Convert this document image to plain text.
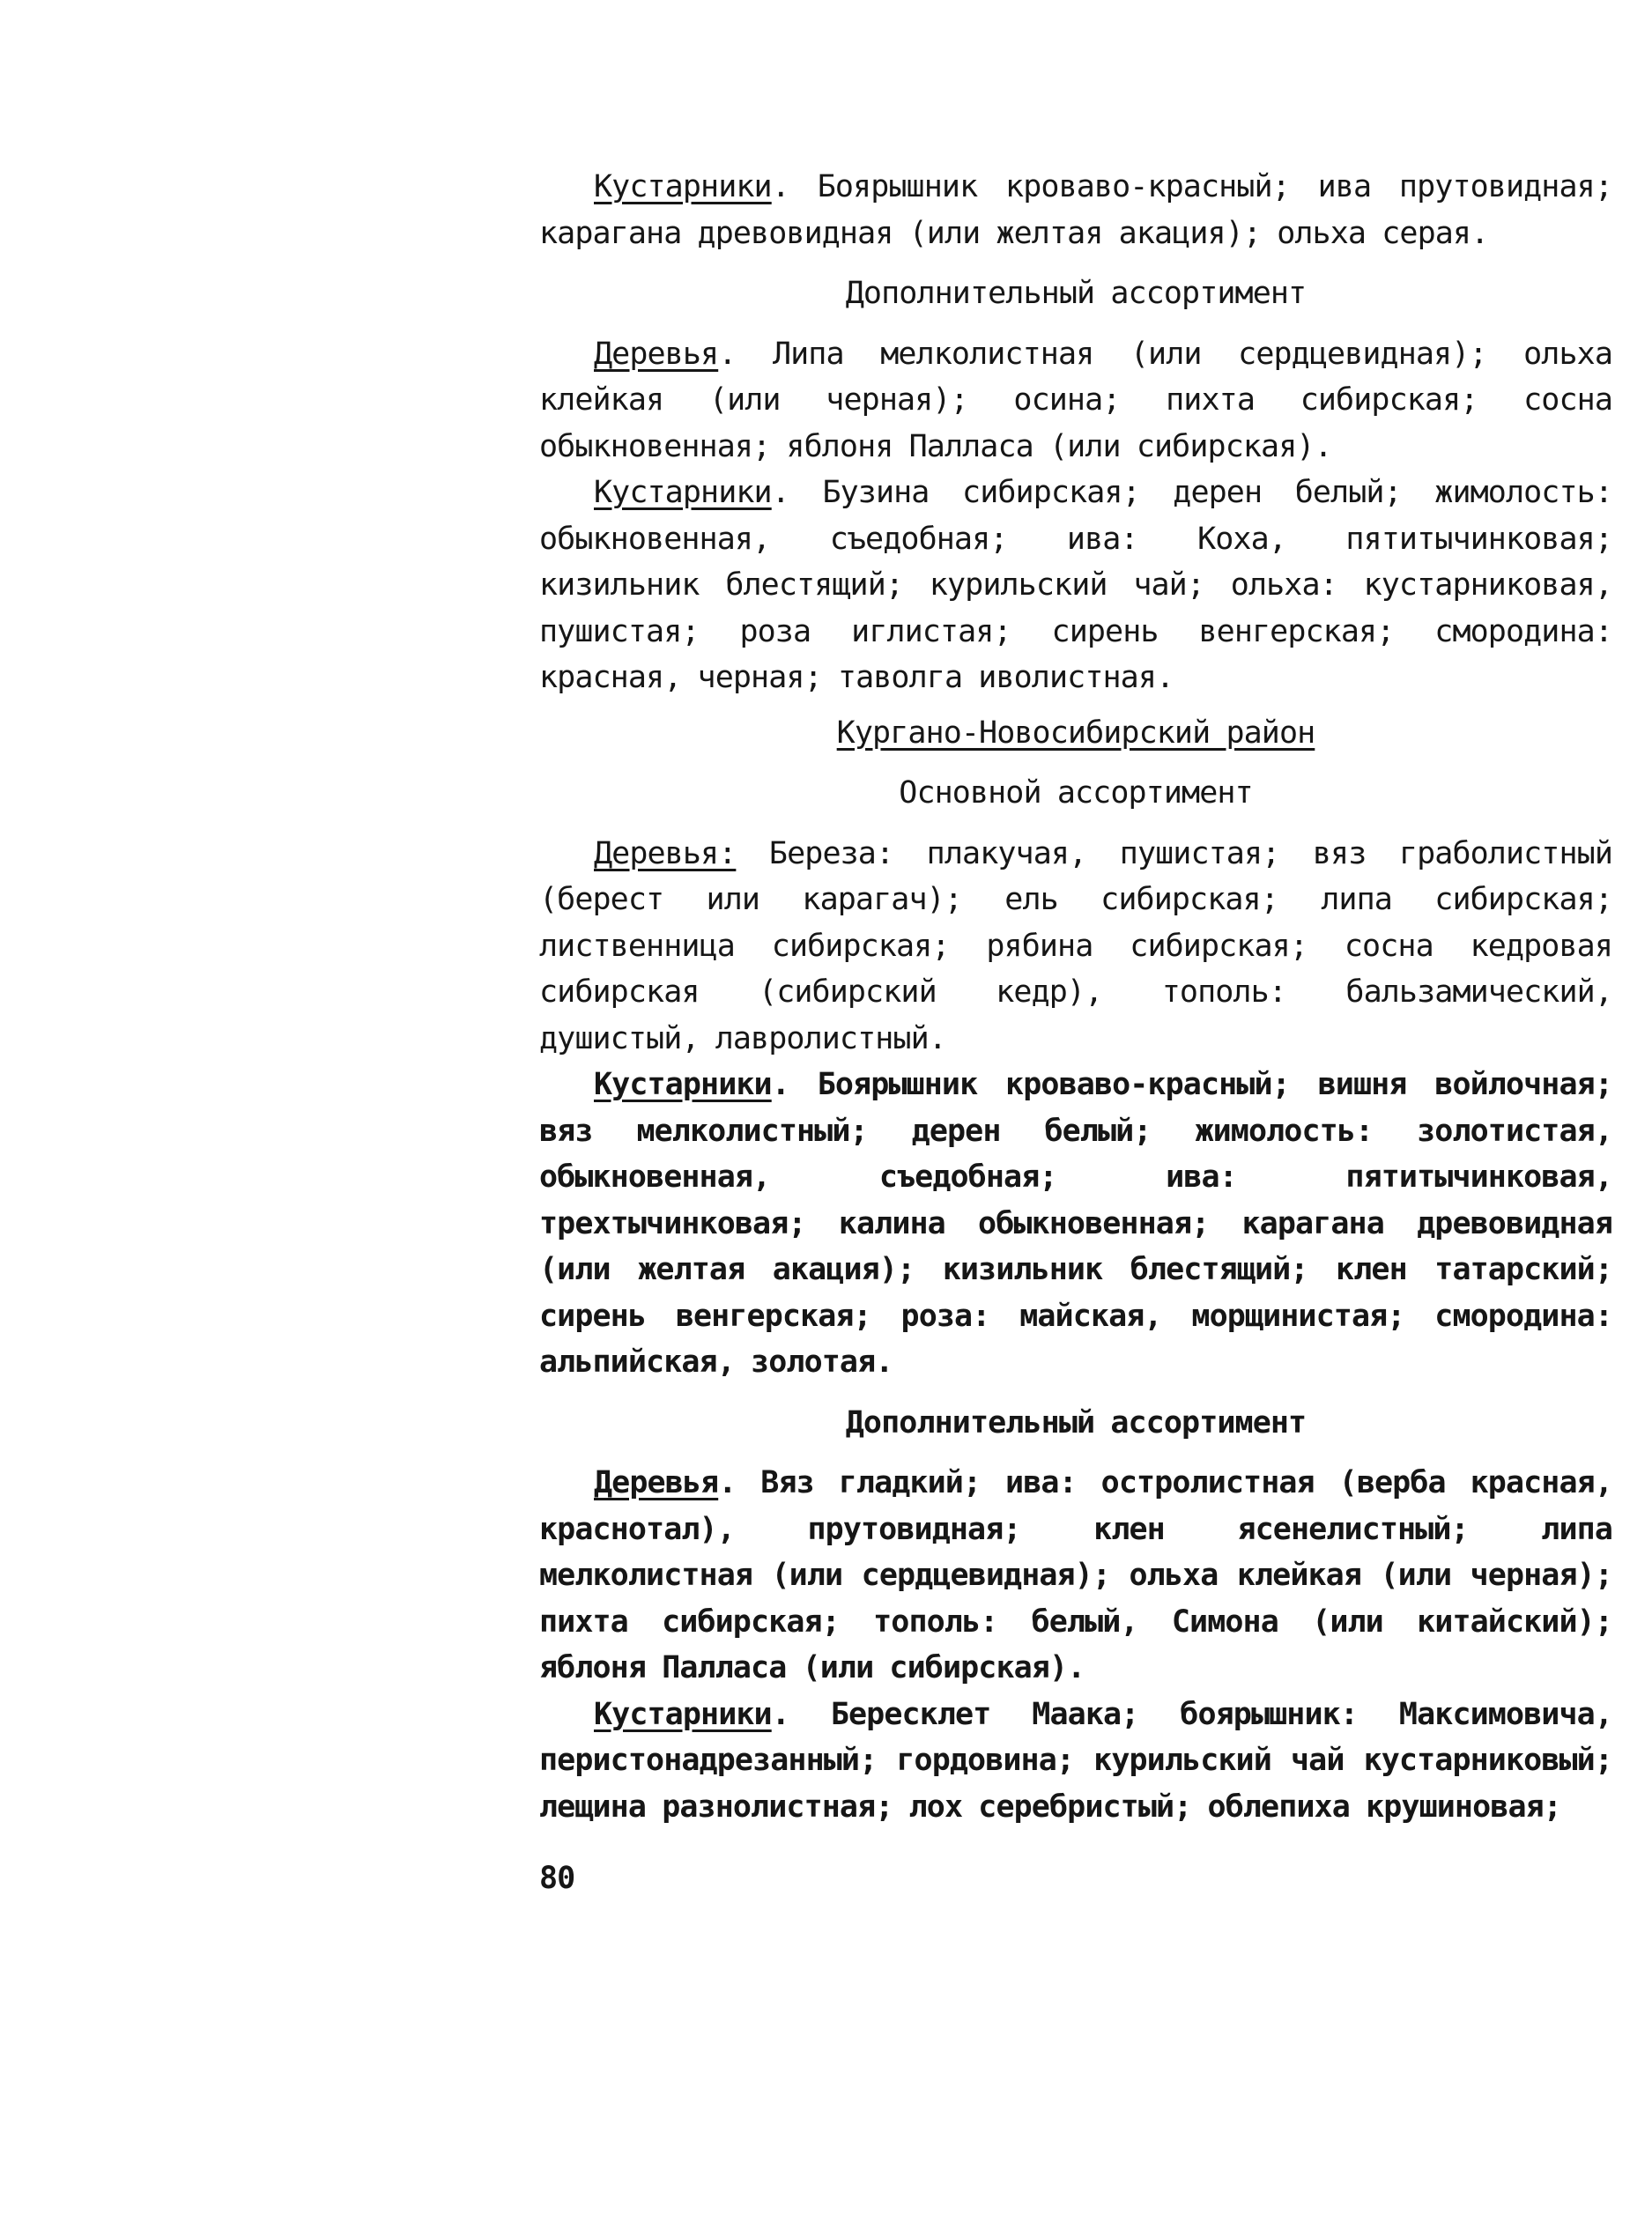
Кустарники. Боярышник кроваво-красный; ива прутовидная; карагана древовидная (или желтая акация); ольха серая.

Дополнительный ассортимент

Деревья. Липа мелколистная (или сердцевидная); ольха клейкая (или черная); осина; пихта сибирская; сосна обыкновенная; яблоня Палласа (или сибирская).

Кустарники. Бузина сибирская; дерен белый; жимолость: обыкновенная, съедобная; ива: Коха, пятитычинковая; кизильник блестящий; курильский чай; ольха: кустарниковая, пушистая; роза иглистая; сирень венгерская; смородина: красная, черная; таволга иволистная.

Кургано-Новосибирский район

Основной ассортимент

Деревья: Береза: плакучая, пушистая; вяз граболистный (берест или карагач); ель сибирская; липа сибирская; лиственница сибирская; рябина сибирская; сосна кедровая сибирская (сибирский кедр), тополь: бальзамический, душистый, лавролистный.

Кустарники. Боярышник кроваво-красный; вишня войлочная; вяз мелколистный; дерен белый; жимолость: золотистая, обыкновенная, съедобная; ива: пятитычинковая, трехтычинковая; калина обыкновенная; карагана древовидная (или желтая акация); кизильник блестящий; клен татарский; сирень венгерская; роза: майская, морщинистая; смородина: альпийская, золотая.

Дополнительный ассортимент

Деревья. Вяз гладкий; ива: остролистная (верба красная, краснотал), прутовидная; клен ясенелистный; липа мелколистная (или сердцевидная); ольха клейкая (или черная); пихта сибирская; тополь: белый, Симона (или китайский); яблоня Палласа (или сибирская).

Кустарники. Бересклет Маака; боярышник: Максимовича, перистонадрезанный; гордовина; курильский чай кустарниковый; лещина разнолистная; лох серебристый; облепиха крушиновая;

80
